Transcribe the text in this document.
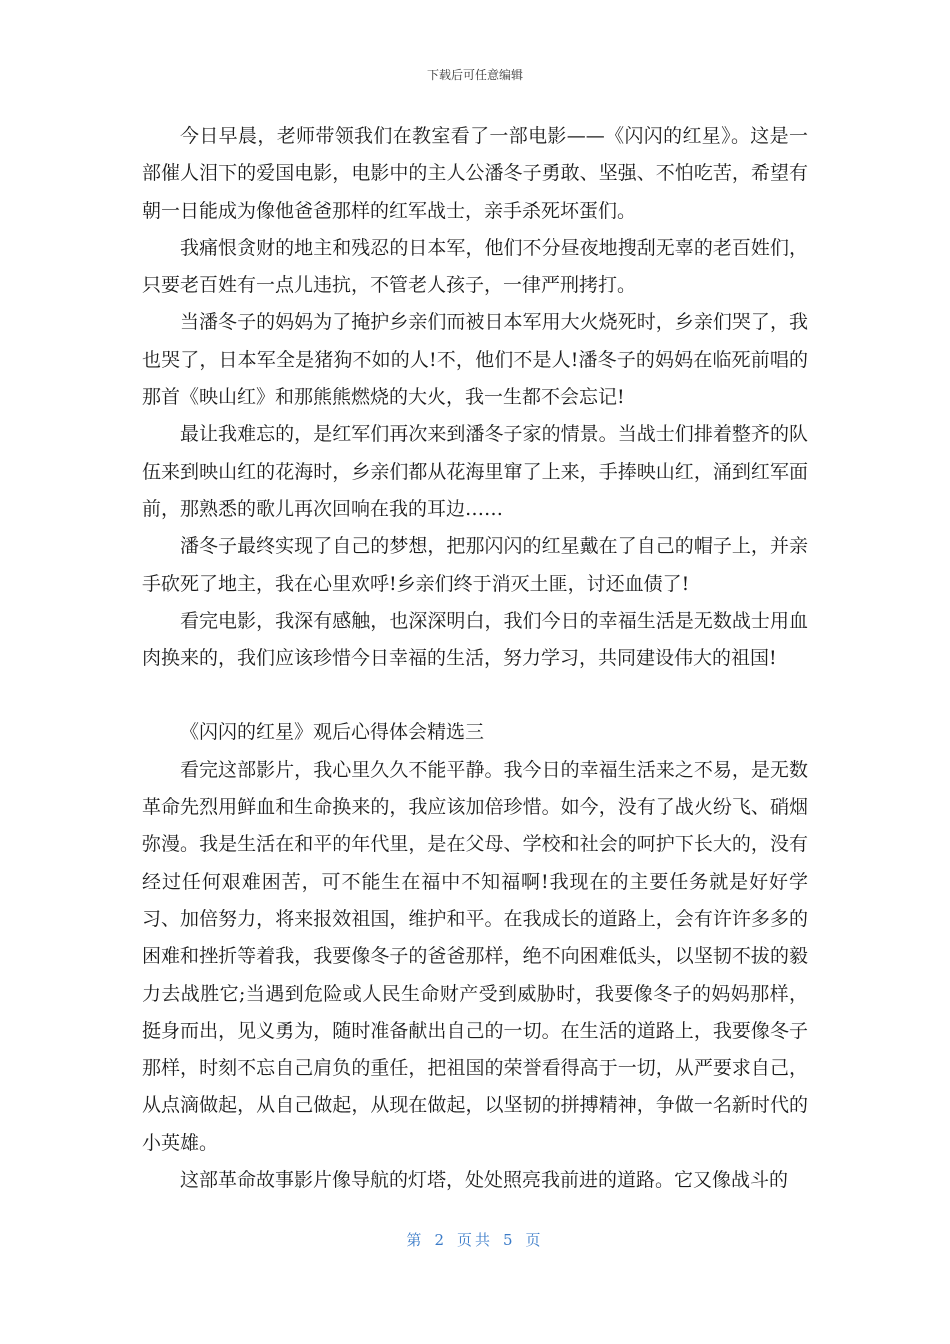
下载后可任意编辑

今日早晨，老师带领我们在教室看了一部电影——《闪闪的红星》。这是一部催人泪下的爱国电影，电影中的主人公潘冬子勇敢、坚强、不怕吃苦，希望有朝一日能成为像他爸爸那样的红军战士，亲手杀死坏蛋们。

我痛恨贪财的地主和残忍的日本军，他们不分昼夜地搜刮无辜的老百姓们，只要老百姓有一点儿违抗，不管老人孩子，一律严刑拷打。

当潘冬子的妈妈为了掩护乡亲们而被日本军用大火烧死时，乡亲们哭了，我也哭了，日本军全是猪狗不如的人!不，他们不是人!潘冬子的妈妈在临死前唱的那首《映山红》和那熊熊燃烧的大火，我一生都不会忘记!

最让我难忘的，是红军们再次来到潘冬子家的情景。当战士们排着整齐的队伍来到映山红的花海时，乡亲们都从花海里窜了上来，手捧映山红，涌到红军面前，那熟悉的歌儿再次回响在我的耳边……

潘冬子最终实现了自己的梦想，把那闪闪的红星戴在了自己的帽子上，并亲手砍死了地主，我在心里欢呼!乡亲们终于消灭土匪，讨还血债了!

看完电影，我深有感触，也深深明白，我们今日的幸福生活是无数战士用血肉换来的，我们应该珍惜今日幸福的生活，努力学习，共同建设伟大的祖国!

《闪闪的红星》观后心得体会精选三

看完这部影片，我心里久久不能平静。我今日的幸福生活来之不易，是无数革命先烈用鲜血和生命换来的，我应该加倍珍惜。如今，没有了战火纷飞、硝烟弥漫。我是生活在和平的年代里，是在父母、学校和社会的呵护下长大的，没有经过任何艰难困苦，可不能生在福中不知福啊!我现在的主要任务就是好好学习、加倍努力，将来报效祖国，维护和平。在我成长的道路上，会有许许多多的困难和挫折等着我，我要像冬子的爸爸那样，绝不向困难低头，以坚韧不拔的毅力去战胜它;当遇到危险或人民生命财产受到威胁时，我要像冬子的妈妈那样，挺身而出，见义勇为，随时准备献出自己的一切。在生活的道路上，我要像冬子那样，时刻不忘自己肩负的重任，把祖国的荣誉看得高于一切，从严要求自己，从点滴做起，从自己做起，从现在做起，以坚韧的拼搏精神，争做一名新时代的小英雄。

这部革命故事影片像导航的灯塔，处处照亮我前进的道路。它又像战斗的

第 2 页共 5 页
